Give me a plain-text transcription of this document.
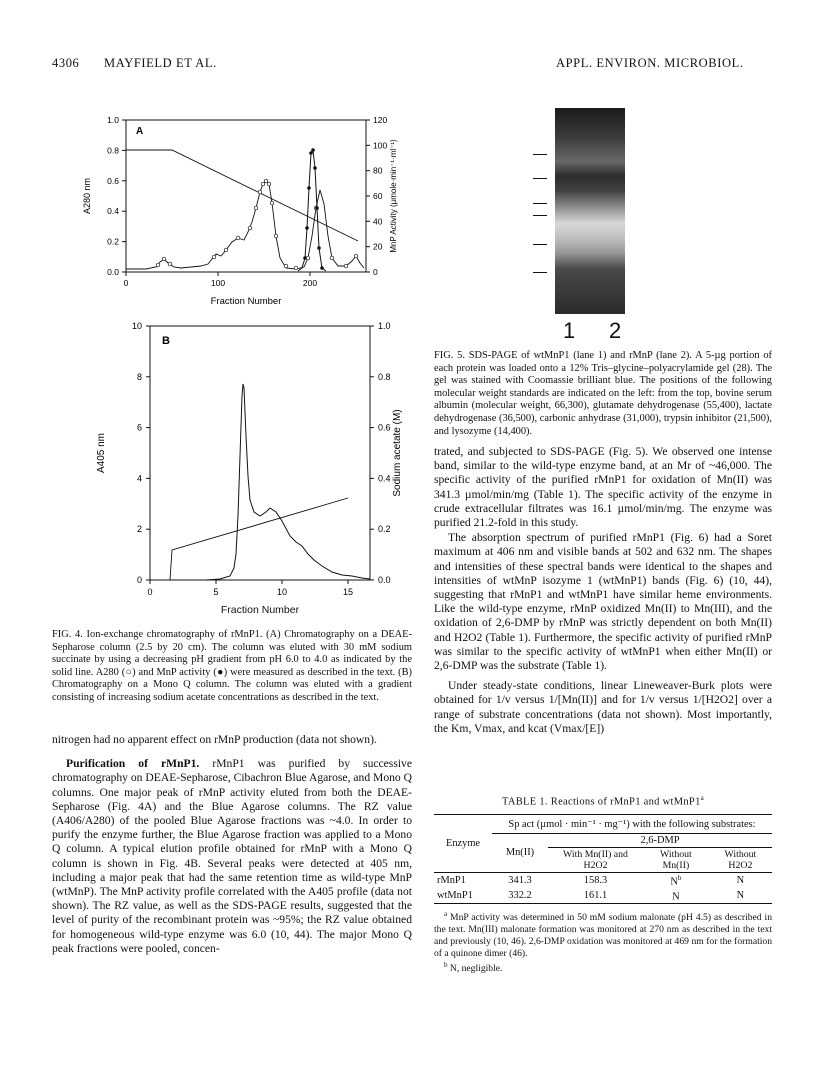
4306 MAYFIELD ET AL.	APPL. ENVIRON. MICROBIOL.
A
0.0
0.2
0.4
0.6
0.8
1.0
0
20
40
60
80
100
120
0	100	200
Fraction Number
A280 nm	MnP Activity (µmole·min⁻¹·ml⁻¹)
B
0
2
4
6
8
10
0.0
0.2
0.4
0.6
0.8
1.0
0	5	10	15
A405 nm	Sodium acetate (M)
Fraction Number
FIG. 4. Ion-exchange chromatography of rMnP1. (A) Chromatography on a DEAE-Sepharose column (2.5 by 20 cm). The column was eluted with 30 mM sodium succinate by using a decreasing pH gradient from pH 6.0 to 4.0 as indicated by the solid line. A280 (○) and MnP activity (●) were measured as described in the text. (B) Chromatography on a Mono Q column. The column was eluted with a gradient consisting of increasing sodium acetate concentrations as described in the text.

nitrogen had no apparent effect on rMnP production (data not shown).

Purification of rMnP1. rMnP1 was purified by successive chromatography on DEAE-Sepharose, Cibachron Blue Agarose, and Mono Q columns. One major peak of rMnP activity eluted from both the DEAE-Sepharose (Fig. 4A) and the Blue Agarose columns. The RZ value (A406/A280) of the pooled Blue Agarose fractions was ~4.0. In order to purify the enzyme further, the Blue Agarose fraction was applied to a Mono Q column. A typical elution profile obtained for rMnP with a Mono Q column is shown in Fig. 4B. Several peaks were detected at 405 nm, including a major peak that had the same retention time as wild-type MnP (wtMnP). The MnP activity profile correlated with the A405 profile (data not shown). The RZ value, as well as the SDS-PAGE results, suggested that the level of purity of the recombinant protein was ~95%; the RZ value obtained for homogeneous wild-type enzyme was 6.0 (10, 44). The major Mono Q peak fractions were pooled, concen-

1 2
FIG. 5. SDS-PAGE of wtMnP1 (lane 1) and rMnP (lane 2). A 5-µg portion of each protein was loaded onto a 12% Tris–glycine–polyacrylamide gel (28). The gel was stained with Coomassie brilliant blue. The positions of the following molecular weight standards are indicated on the left: from the top, bovine serum albumin (molecular weight, 66,300), glutamate dehydrogenase (55,400), lactate dehydrogenase (36,500), carbonic anhydrase (31,000), trypsin inhibitor (21,500), and lysozyme (14,400).

trated, and subjected to SDS-PAGE (Fig. 5). We observed one intense band, similar to the wild-type enzyme band, at an Mr of ~46,000. The specific activity of the purified rMnP1 for oxidation of Mn(II) was 341.3 µmol/min/mg (Table 1). The specific activity of the enzyme in crude extracellular filtrates was 16.1 µmol/min/mg. The enzyme was purified 21.2-fold in this study.

The absorption spectrum of purified rMnP1 (Fig. 6) had a Soret maximum at 406 nm and visible bands at 502 and 632 nm. The shapes and intensities of these spectral bands were identical to the shapes and intensities of wtMnP isozyme 1 (wtMnP1) bands (Fig. 6) (10, 44), suggesting that rMnP1 and wtMnP1 have similar heme environments. Like the wild-type enzyme, rMnP oxidized Mn(II) to Mn(III), and the oxidation of 2,6-DMP by rMnP was strictly dependent on both Mn(II) and H2O2 (Table 1). Furthermore, the specific activity of purified rMnP was similar to the specific activity of wtMnP1 when either Mn(II) or 2,6-DMP was the substrate (Table 1).

Under steady-state conditions, linear Lineweaver-Burk plots were obtained for 1/v versus 1/[Mn(II)] and for 1/v versus 1/[H2O2] over a range of substrate concentrations (data not shown). Most importantly, the Km, Vmax, and kcat (Vmax/[E])

TABLE 1. Reactions of rMnP1 and wtMnP1$^a$
Enzyme	Sp act (µmol · min⁻¹ · mg⁻¹) with the following substrates:			
	Mn(II)	2,6-DMP		
		With Mn(II) and H2O2	Without Mn(II)	Without H2O2
rMnP1	341.3	158.3	$N^b$	N
wtMnP1	332.2	161.1	N	N
$^a$ MnP activity was determined in 50 mM sodium malonate (pH 4.5) as described in the text. Mn(III) malonate formation was monitored at 270 nm as described in the text and previously (10, 46). 2,6-DMP oxidation was monitored at 469 nm for the formation of a quinone dimer (46).
$^b$ N, negligible.
